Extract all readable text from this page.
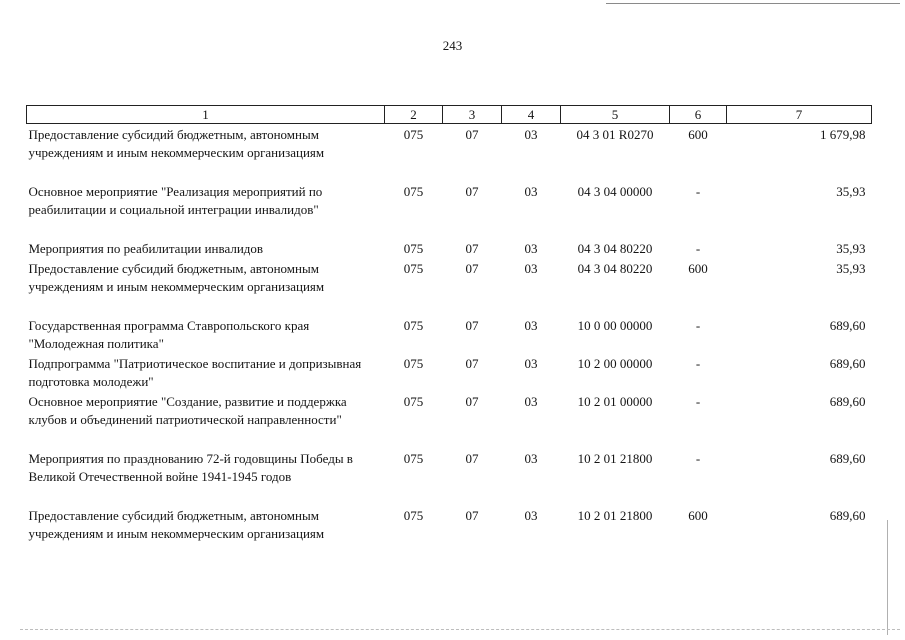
243
1	2	3	4	5	6	7
Предоставление субсидий бюджетным, автономным учреждениям и иным некоммерческим организациям	075	07	03	04 3 01 R0270	600	1 679,98
Основное мероприятие "Реализация мероприятий по реабилитации и социальной интеграции инвалидов"	075	07	03	04 3 04 00000	-	35,93
Мероприятия по реабилитации инвалидов	075	07	03	04 3 04 80220	-	35,93
Предоставление субсидий бюджетным, автономным учреждениям и иным некоммерческим организациям	075	07	03	04 3 04 80220	600	35,93
Государственная программа Ставропольского края "Молодежная политика"	075	07	03	10 0 00 00000	-	689,60
Подпрограмма "Патриотическое воспитание и допризывная подготовка молодежи"	075	07	03	10 2 00 00000	-	689,60
Основное мероприятие "Создание, развитие и поддержка клубов и объединений патриотической направленности"	075	07	03	10 2 01 00000	-	689,60
Мероприятия по празднованию 72-й годовщины Победы в Великой Отечественной войне 1941-1945 годов	075	07	03	10 2 01 21800	-	689,60
Предоставление субсидий бюджетным, автономным учреждениям и иным некоммерческим организациям	075	07	03	10 2 01 21800	600	689,60
